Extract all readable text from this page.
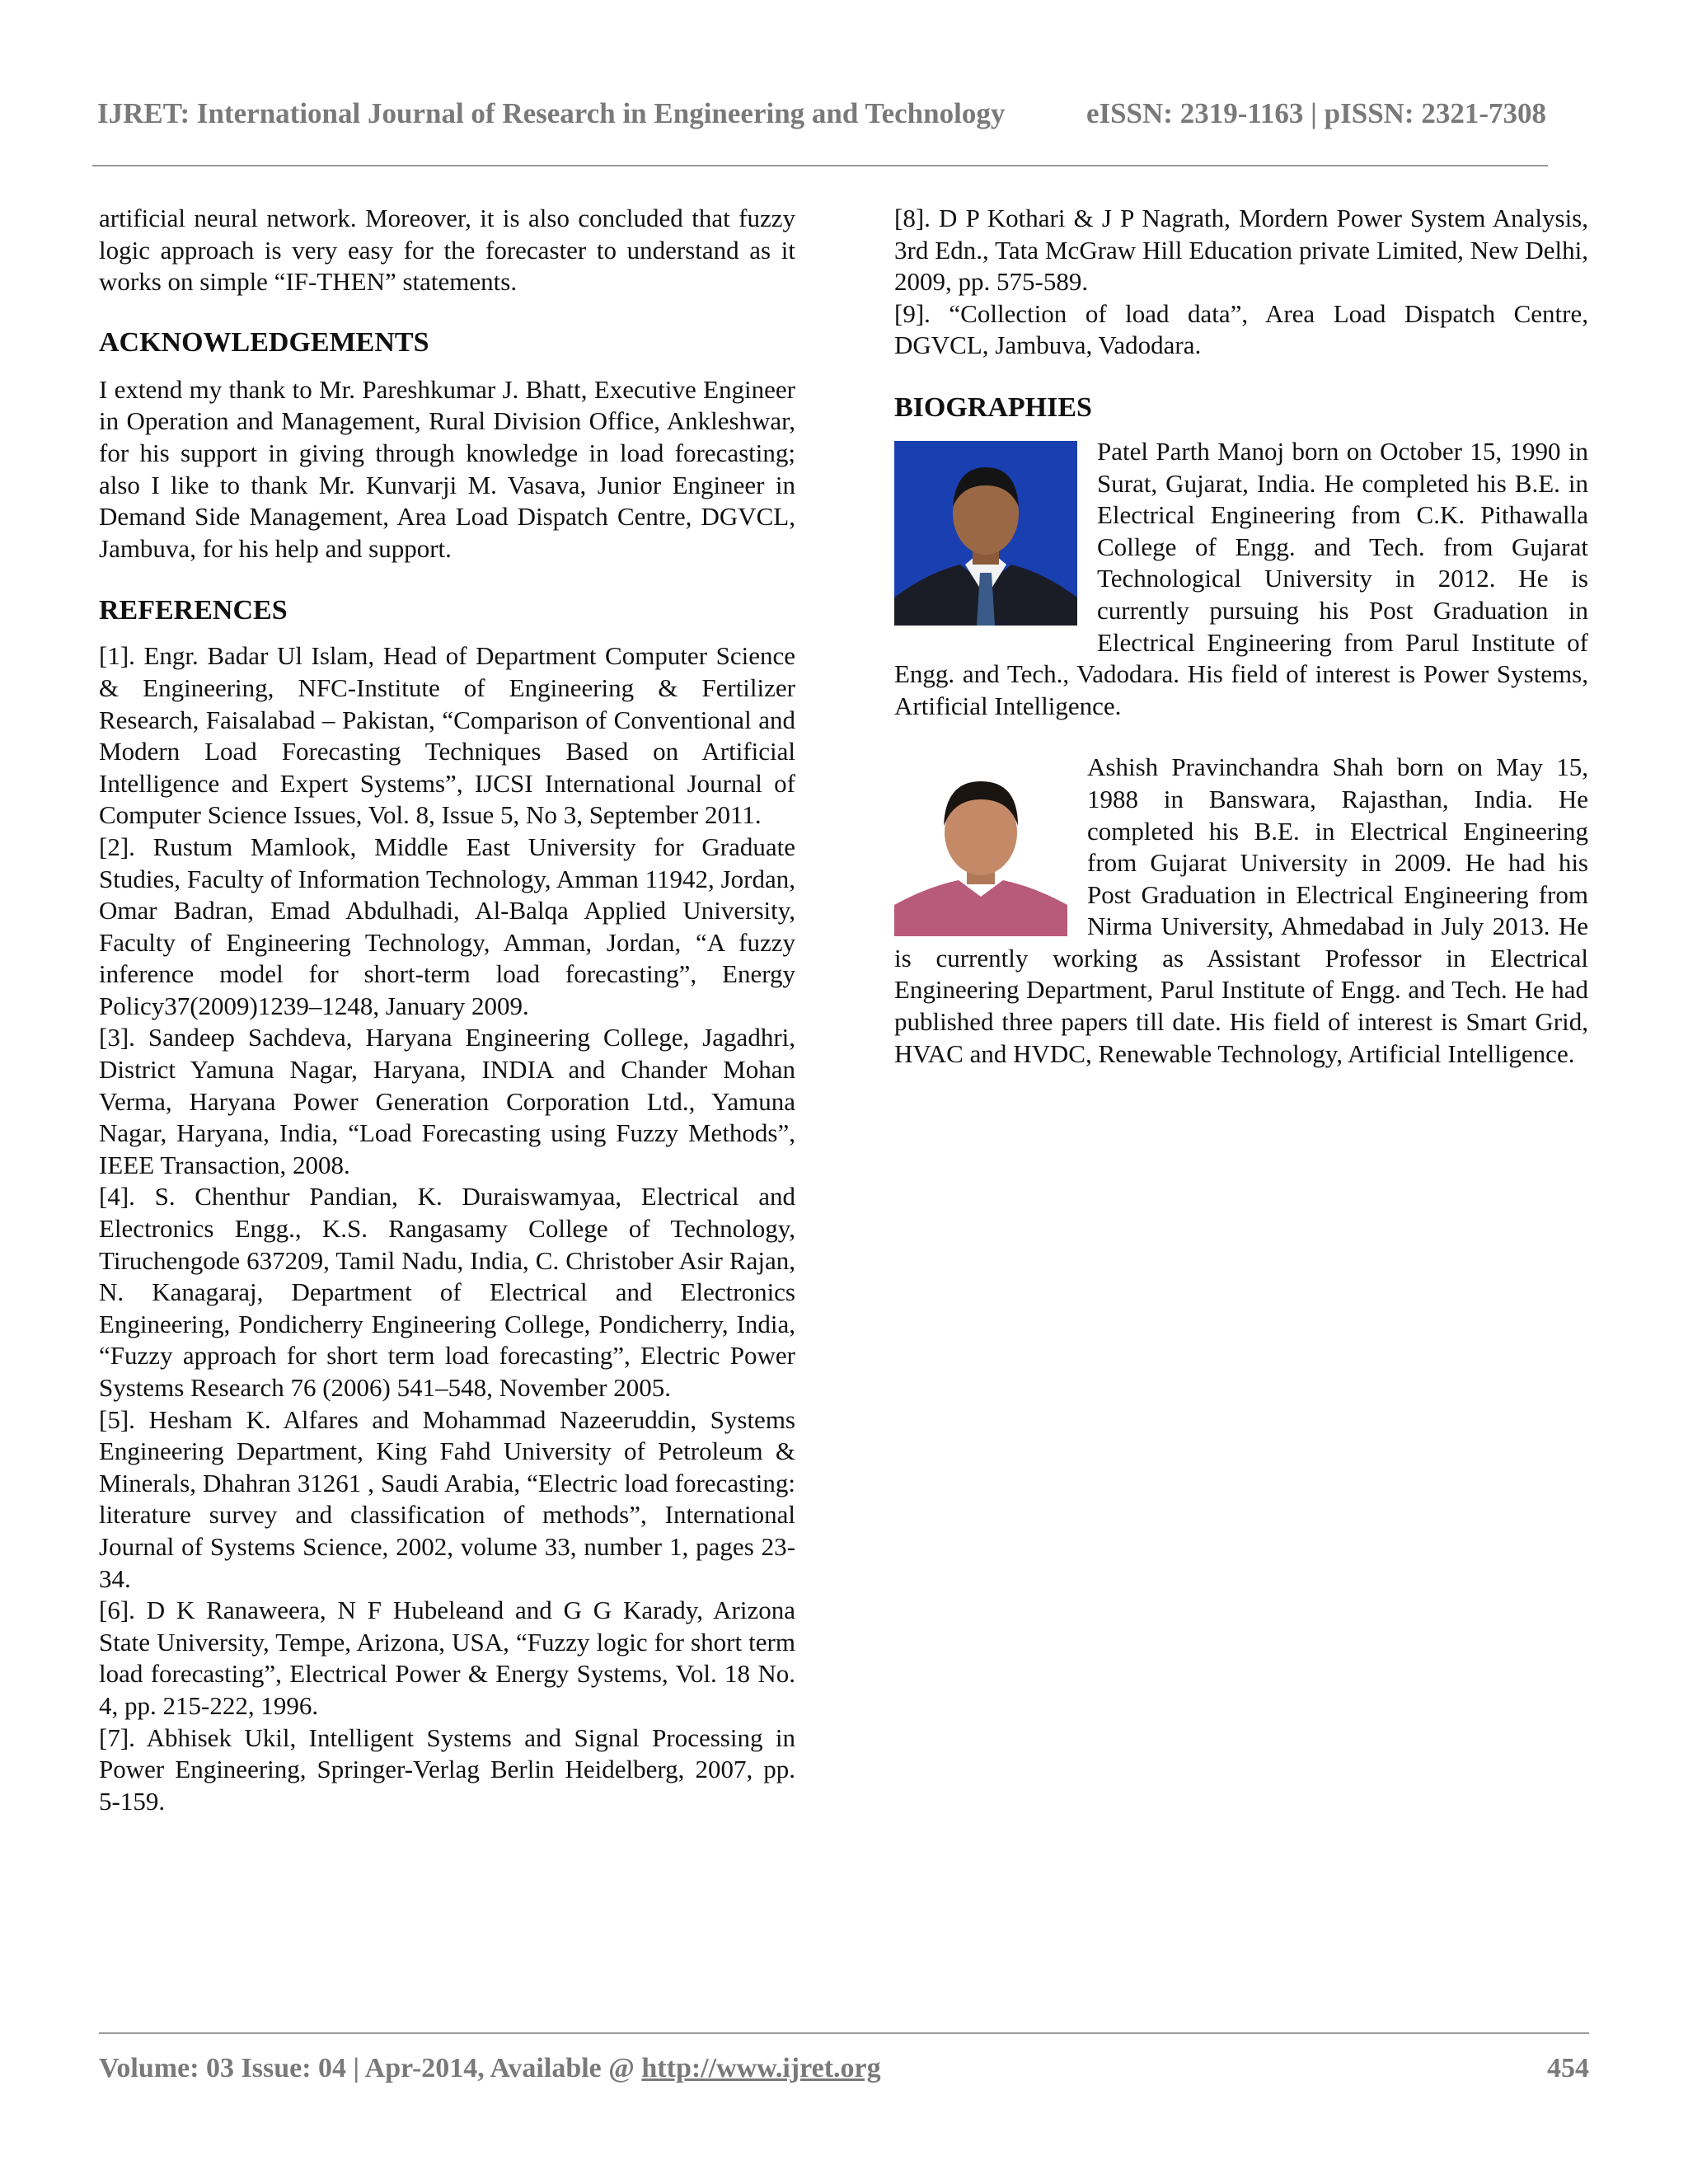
IJRET: International Journal of Research in Engineering and Technology	eISSN: 2319-1163 | pISSN: 2321-7308

artificial neural network. Moreover, it is also concluded that fuzzy logic approach is very easy for the forecaster to understand as it works on simple “IF-THEN” statements.

ACKNOWLEDGEMENTS

I extend my thank to Mr. Pareshkumar J. Bhatt, Executive Engineer in Operation and Management, Rural Division Office, Ankleshwar, for his support in giving through knowledge in load forecasting; also I like to thank Mr. Kunvarji M. Vasava, Junior Engineer in Demand Side Management, Area Load Dispatch Centre, DGVCL, Jambuva, for his help and support.

REFERENCES

[1]. Engr. Badar Ul Islam, Head of Department Computer Science & Engineering, NFC-Institute of Engineering & Fertilizer Research, Faisalabad – Pakistan, “Comparison of Conventional and Modern Load Forecasting Techniques Based on Artificial Intelligence and Expert Systems”, IJCSI International Journal of Computer Science Issues, Vol. 8, Issue 5, No 3, September 2011.

[2]. Rustum Mamlook, Middle East University for Graduate Studies, Faculty of Information Technology, Amman 11942, Jordan, Omar Badran, Emad Abdulhadi, Al-Balqa Applied University, Faculty of Engineering Technology, Amman, Jordan, “A fuzzy inference model for short-term load forecasting”, Energy Policy37(2009)1239–1248, January 2009.

[3]. Sandeep Sachdeva, Haryana Engineering College, Jagadhri, District Yamuna Nagar, Haryana, INDIA and Chander Mohan Verma, Haryana Power Generation Corporation Ltd., Yamuna Nagar, Haryana, India, “Load Forecasting using Fuzzy Methods”, IEEE Transaction, 2008.

[4]. S. Chenthur Pandian, K. Duraiswamyaa, Electrical and Electronics Engg., K.S. Rangasamy College of Technology, Tiruchengode 637209, Tamil Nadu, India, C. Christober Asir Rajan, N. Kanagaraj, Department of Electrical and Electronics Engineering, Pondicherry Engineering College, Pondicherry, India, “Fuzzy approach for short term load forecasting”, Electric Power Systems Research 76 (2006) 541–548, November 2005.

[5]. Hesham K. Alfares and Mohammad Nazeeruddin, Systems Engineering Department, King Fahd University of Petroleum & Minerals, Dhahran 31261 , Saudi Arabia, “Electric load forecasting: literature survey and classification of methods”, International Journal of Systems Science, 2002, volume 33, number 1, pages 23-34.

[6]. D K Ranaweera, N F Hubeleand and G G Karady, Arizona State University, Tempe, Arizona, USA, “Fuzzy logic for short term load forecasting”, Electrical Power & Energy Systems, Vol. 18 No. 4, pp. 215-222, 1996.

[7]. Abhisek Ukil, Intelligent Systems and Signal Processing in Power Engineering, Springer-Verlag Berlin Heidelberg, 2007, pp. 5-159.

[8]. D P Kothari & J P Nagrath, Mordern Power System Analysis, 3rd Edn., Tata McGraw Hill Education private Limited, New Delhi, 2009, pp. 575-589.

[9]. “Collection of load data”, Area Load Dispatch Centre, DGVCL, Jambuva, Vadodara.

BIOGRAPHIES

Patel Parth Manoj born on October 15, 1990 in Surat, Gujarat, India. He completed his B.E. in Electrical Engineering from C.K. Pithawalla College of Engg. and Tech. from Gujarat Technological University in 2012. He is currently pursuing his Post Graduation in Electrical Engineering from Parul Institute of Engg. and Tech., Vadodara. His field of interest is Power Systems, Artificial Intelligence.

Ashish Pravinchandra Shah born on May 15, 1988 in Banswara, Rajasthan, India. He completed his B.E. in Electrical Engineering from Gujarat University in 2009. He had his Post Graduation in Electrical Engineering from Nirma University, Ahmedabad in July 2013. He is currently working as Assistant Professor in Electrical Engineering Department, Parul Institute of Engg. and Tech. He had published three papers till date. His field of interest is Smart Grid, HVAC and HVDC, Renewable Technology, Artificial Intelligence.

Volume: 03 Issue: 04 | Apr-2014, Available @ http://www.ijret.org	454
